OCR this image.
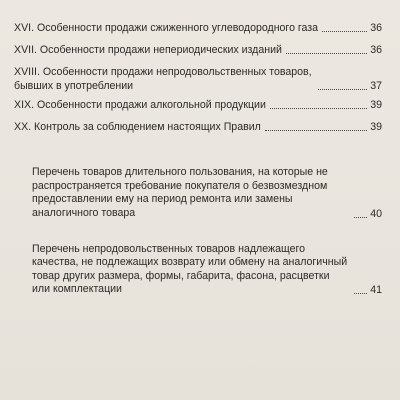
XVI. Особенности продажи сжиженного углеводородного газа	36
XVII. Особенности продажи непериодических изданий	36
XVIII. Особенности продажи непродовольственных товаров, бывших в употреблении	37
XIX. Особенности продажи алкогольной продукции	39
XX. Контроль за соблюдением настоящих Правил	39
Перечень товаров длительного пользования, на которые не распространяется требование покупателя о безвозмездном предоставлении ему на период ремонта или замены аналогичного товара	40
Перечень непродовольственных товаров надлежащего качества, не подлежащих возврату или обмену на аналогичный товар других размера, формы, габарита, фасона, расцветки или комплектации	41
